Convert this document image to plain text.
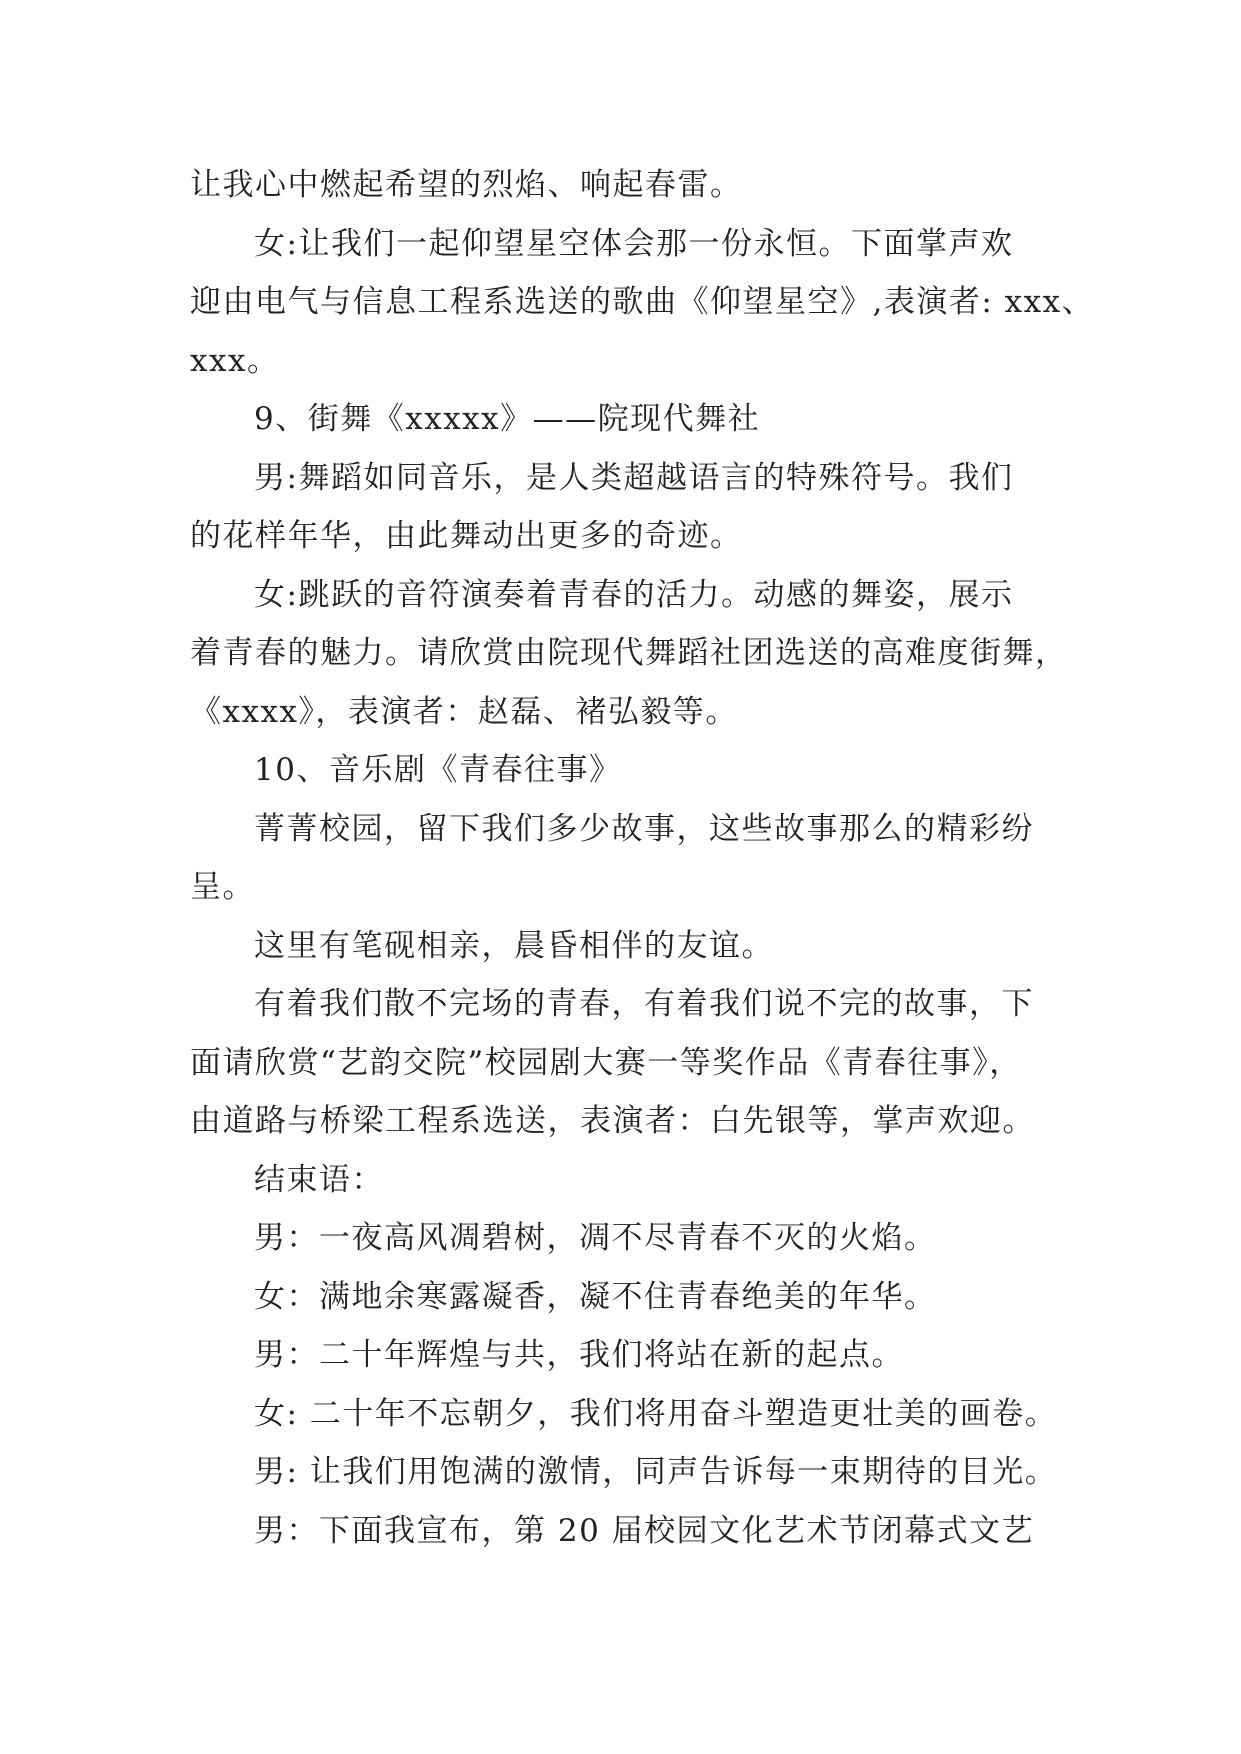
让我心中燃起希望的烈焰、响起春雷。

女:让我们一起仰望星空体会那一份永恒。下面掌声欢

迎由电气与信息工程系选送的歌曲《仰望星空》,表演者: xxx、

xxx。

9、街舞《xxxxx》——院现代舞社

男:舞蹈如同音乐，是人类超越语言的特殊符号。我们

的花样年华，由此舞动出更多的奇迹。

女:跳跃的音符演奏着青春的活力。动感的舞姿，展示

着青春的魅力。请欣赏由院现代舞蹈社团选送的高难度街舞，

《xxxx》，表演者：赵磊、褚弘毅等。

10、音乐剧《青春往事》

菁菁校园，留下我们多少故事，这些故事那么的精彩纷

呈。

这里有笔砚相亲，晨昏相伴的友谊。

有着我们散不完场的青春，有着我们说不完的故事，下

面请欣赏“艺韵交院”校园剧大赛一等奖作品《青春往事》，

由道路与桥梁工程系选送，表演者：白先银等，掌声欢迎。

结束语：

男：一夜高风凋碧树，凋不尽青春不灭的火焰。

女：满地余寒露凝香，凝不住青春绝美的年华。

男：二十年辉煌与共，我们将站在新的起点。

女: 二十年不忘朝夕，我们将用奋斗塑造更壮美的画卷。

男: 让我们用饱满的激情，同声告诉每一束期待的目光。

男：下面我宣布，第 20 届校园文化艺术节闭幕式文艺
